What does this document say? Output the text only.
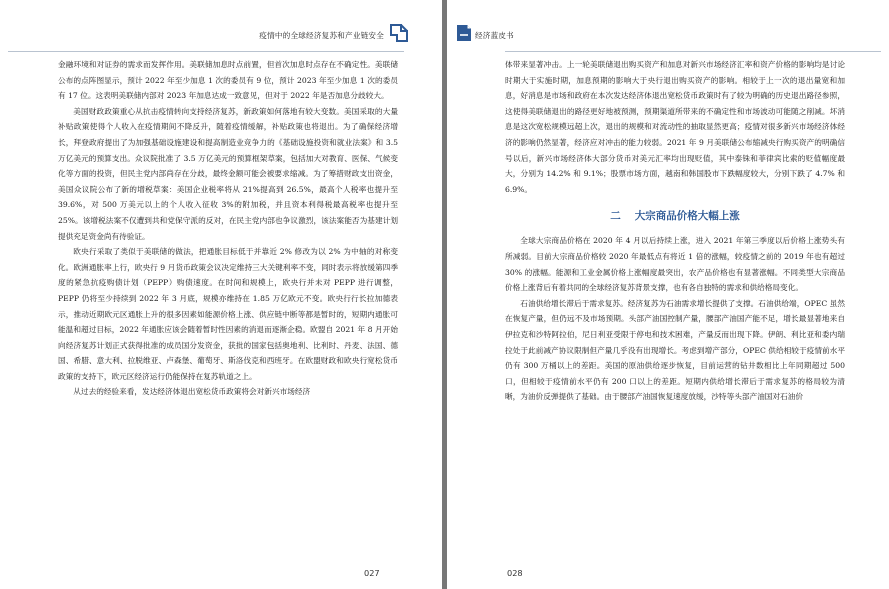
疫情中的全球经济复苏和产业链安全

金融环境和对证券的需求而发挥作用。美联储加息时点前置，但首次加息时点存在不确定性。美联储公布的点阵图显示，预计 2022 年至少加息 1 次的委员有 9 位，预计 2023 年至少加息 1 次的委员有 17 位。这表明美联储内部对 2023 年加息达成一致意见，但对于 2022 年是否加息分歧较大。

美国财政政策重心从抗击疫情转向支持经济复苏，新政策如何落地有较大变数。美国采取的大量补贴政策使得个人收入在疫情期间不降反升，随着疫情缓解，补贴政策也将退出。为了确保经济增长，拜登政府提出了为加强基础设施建设和提高制造业竞争力的《基础设施投资和就业法案》和 3.5 万亿美元的预算支出。众议院批准了 3.5 万亿美元的预算框架草案，包括加大对教育、医保、气候变化等方面的投资，但民主党内部尚存在分歧，最终金额可能会被要求缩减。为了筹措财政支出资金，美国众议院公布了新的增税草案：美国企业税率将从 21%提高到 26.5%，最高个人税率也提升至 39.6%，对 500 万美元以上的个人收入征收 3%的附加税，并且资本利得税最高税率也提升至 25%。该增税法案不仅遭到共和党保守派的反对，在民主党内部也争议激烈，该法案能否为基建计划提供充足资金尚有待验证。

欧央行采取了类似于美联储的做法，把通胀目标低于并靠近 2% 修改为以 2% 为中轴的对称变化。欧洲通胀率上行，欧央行 9 月货币政策会议决定维持三大关键利率不变，同时表示将放缓第四季度的紧急抗疫购债计划（PEPP）购债速度。在时间和规模上，欧央行并未对 PEPP 进行调整，PEPP 仍将至少持续到 2022 年 3 月底，规模亦维持在 1.85 万亿欧元不变。欧央行行长拉加德表示，推动近期欧元区通胀上升的很多因素如能源价格上涨、供应链中断等都是暂时的，短期内通胀可能温和超过目标，2022 年通胀应该会随着暂时性因素的消退而逐渐企稳。欧盟自 2021 年 8 月开始向经济复苏计划正式获得批准的成员国分发资金，获批的国家包括奥地利、比利时、丹麦、法国、德国、希腊、意大利、拉脱维亚、卢森堡、葡萄牙、斯洛伐克和西班牙。在欧盟财政和欧央行宽松货币政策的支持下，欧元区经济运行仍能保持在复苏轨道之上。

从过去的经验来看，发达经济体退出宽松货币政策将会对新兴市场经济

027
经济蓝皮书

体带来显著冲击。上一轮美联储退出购买资产和加息对新兴市场经济汇率和资产价格的影响均是讨论时期大于实施时期，加息预期的影响大于央行退出购买资产的影响。相较于上一次的退出量宽和加息，好消息是市场和政府在本次发达经济体退出宽松货币政策时有了较为明确的历史退出路径参照，这使得美联储退出的路径更好地被预测，预期渠道所带来的不确定性和市场波动可能随之削减。坏消息是这次宽松规模远超上次，退出的规模和对流动性的抽取显然更高；疫情对很多新兴市场经济体经济的影响仍然显著，经济应对冲击的能力较弱。2021 年 9 月美联储公布缩减央行购买资产的明确信号以后，新兴市场经济体大部分货币对美元汇率均出现贬值，其中泰铢和菲律宾比索的贬值幅度最大，分别为 14.2% 和 9.1%；股票市场方面，越南和韩国股市下跌幅度较大，分别下跌了 4.7% 和 6.9%。

二 大宗商品价格大幅上涨

全球大宗商品价格在 2020 年 4 月以后持续上涨，进入 2021 年第三季度以后价格上涨势头有所减弱。目前大宗商品价格较 2020 年最低点有将近 1 倍的涨幅，较疫情之前的 2019 年也有超过 30% 的涨幅。能源和工业金属价格上涨幅度最突出，农产品价格也有显著涨幅。不同类型大宗商品价格上涨背后有着共同的全球经济复苏背景支撑，也有各自独特的需求和供给格局变化。

石油供给增长滞后于需求复苏。经济复苏为石油需求增长提供了支撑。石油供给端，OPEC 虽然在恢复产量，但仍远不及市场预期。头部产油国控制产量，腰部产油国产能不足，增长最显著地来自伊拉克和沙特阿拉伯，尼日利亚受限于停电和技术困难，产量反而出现下降。伊朗、利比亚和委内瑞拉处于此前减产协议限制但产量几乎没有出现增长。考虑到增产部分，OPEC 供给相较于疫情前水平仍有 300 万桶以上的差距。美国的原油供给逐步恢复，目前运营的钻井数相比上年同期超过 500 口，但相较于疫情前水平仍有 200 口以上的差距。短期内供给增长滞后于需求复苏的格局较为清晰，为油价反弹提供了基础。由于腰部产油国恢复速度放缓，沙特等头部产油国对石油价

028
